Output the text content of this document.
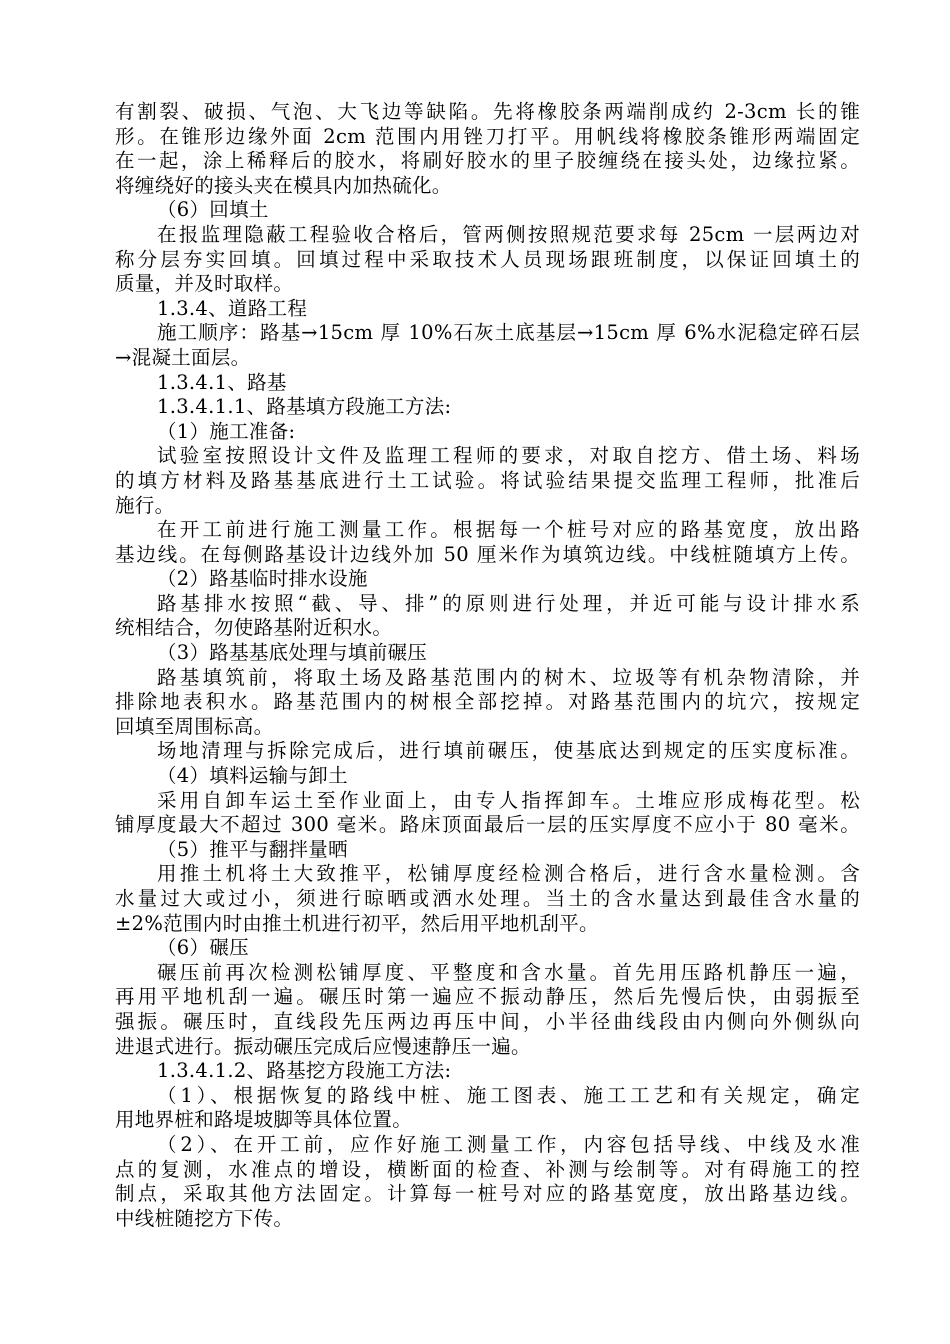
有割裂、破损、气泡、大飞边等缺陷。先将橡胶条两端削成约 2-3cm 长的锥
形。在锥形边缘外面 2cm 范围内用锉刀打平。用帆线将橡胶条锥形两端固定
在一起，涂上稀释后的胶水，将刷好胶水的里子胶缠绕在接头处，边缘拉紧。
将缠绕好的接头夹在模具内加热硫化。
（6）回填土
在报监理隐蔽工程验收合格后，管两侧按照规范要求每 25cm 一层两边对
称分层夯实回填。回填过程中采取技术人员现场跟班制度，以保证回填土的
质量，并及时取样。
1.3.4、道路工程
施工顺序：路基→15cm 厚 10%石灰土底基层→15cm 厚 6%水泥稳定碎石层
→混凝土面层。
1.3.4.1、路基
1.3.4.1.1、路基填方段施工方法:
（1）施工准备:
试验室按照设计文件及监理工程师的要求，对取自挖方、借土场、料场
的填方材料及路基基底进行土工试验。将试验结果提交监理工程师，批准后
施行。
在开工前进行施工测量工作。根据每一个桩号对应的路基宽度，放出路
基边线。在每侧路基设计边线外加 50 厘米作为填筑边线。中线桩随填方上传。
（2）路基临时排水设施
路基排水按照“截、导、排”的原则进行处理，并近可能与设计排水系
统相结合，勿使路基附近积水。
（3）路基基底处理与填前碾压
路基填筑前，将取土场及路基范围内的树木、垃圾等有机杂物清除，并
排除地表积水。路基范围内的树根全部挖掉。对路基范围内的坑穴，按规定
回填至周围标高。
场地清理与拆除完成后，进行填前碾压，使基底达到规定的压实度标准。
（4）填料运输与卸土
采用自卸车运土至作业面上，由专人指挥卸车。土堆应形成梅花型。松
铺厚度最大不超过 300 毫米。路床顶面最后一层的压实厚度不应小于 80 毫米。
（5）推平与翻拌量晒
用推土机将土大致推平，松铺厚度经检测合格后，进行含水量检测。含
水量过大或过小，须进行晾晒或洒水处理。当土的含水量达到最佳含水量的
±2%范围内时由推土机进行初平，然后用平地机刮平。
（6）碾压
碾压前再次检测松铺厚度、平整度和含水量。首先用压路机静压一遍，
再用平地机刮一遍。碾压时第一遍应不振动静压，然后先慢后快，由弱振至
强振。碾压时，直线段先压两边再压中间，小半径曲线段由内侧向外侧纵向
进退式进行。振动碾压完成后应慢速静压一遍。
1.3.4.1.2、路基挖方段施工方法:
（1）、根据恢复的路线中桩、施工图表、施工工艺和有关规定，确定
用地界桩和路堤坡脚等具体位置。
（2）、在开工前，应作好施工测量工作，内容包括导线、中线及水准
点的复测，水准点的增设，横断面的检查、补测与绘制等。对有碍施工的控
制点，采取其他方法固定。计算每一桩号对应的路基宽度，放出路基边线。
中线桩随挖方下传。
